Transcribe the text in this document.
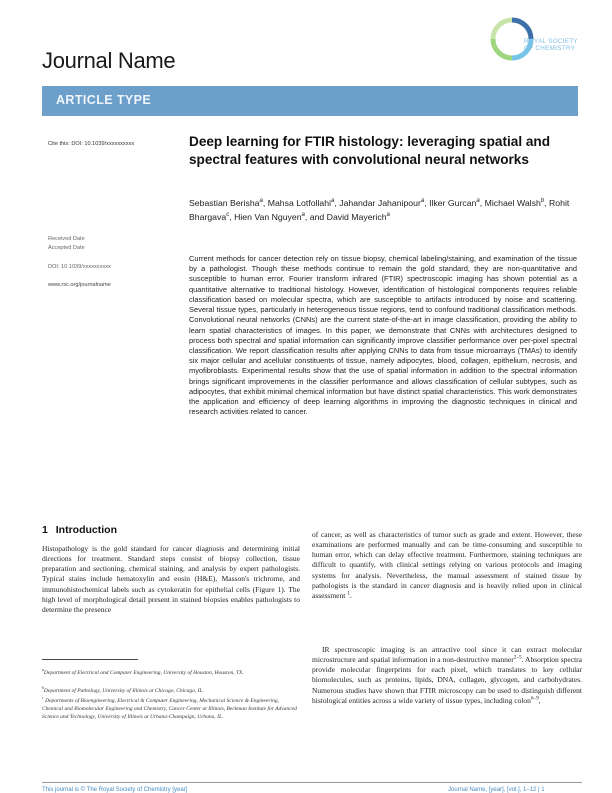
Journal Name
ROYAL SOCIETY
OF CHEMISTRY
ARTICLE TYPE
Cite this: DOI: 10.1039/xxxxxxxxxx
Received Date
Accepted Date
DOI: 10.1039/xxxxxxxxxx
www.rsc.org/journalname
Deep learning for FTIR histology: leveraging spatial and spectral features with convolutional neural networks
Sebastian Berisha$^a$, Mahsa Lotfollahi$^a$, Jahandar Jahanipour$^a$, Ilker Gurcan$^a$, Michael Walsh$^b$, Rohit Bhargava$^c$, Hien Van Nguyen$^a$, and David Mayerich$^a$
Current methods for cancer detection rely on tissue biopsy, chemical labeling/staining, and examination of the tissue by a pathologist. Though these methods continue to remain the gold standard, they are non-quantitative and susceptible to human error. Fourier transform infrared (FTIR) spectroscopic imaging has shown potential as a quantitative alternative to traditional histology. However, identification of histological components requires reliable classification based on molecular spectra, which are susceptible to artifacts introduced by noise and scattering. Several tissue types, particularly in heterogeneous tissue regions, tend to confound traditional classification methods. Convolutional neural networks (CNNs) are the current state-of-the-art in image classification, providing the ability to learn spatial characteristics of images. In this paper, we demonstrate that CNNs with architectures designed to process both spectral and spatial information can significantly improve classifier performance over per-pixel spectral classification. We report classification results after applying CNNs to data from tissue microarrays (TMAs) to identify six major cellular and acellular constituents of tissue, namely adipocytes, blood, collagen, epithelium, necrosis, and myofibroblasts. Experimental results show that the use of spatial information in addition to the spectral information brings significant improvements in the classifier performance and allows classification of cellular subtypes, such as adipocytes, that exhibit minimal chemical information but have distinct spatial characteristics. This work demonstrates the application and efficiency of deep learning algorithms in improving the diagnostic techniques in clinical and research activities related to cancer.
1 Introduction
Histopathology is the gold standard for cancer diagnosis and determining initial directions for treatment. Standard steps consist of biopsy collection, tissue preparation and sectioning, chemical staining, and analysis by expert pathologists. Typical stains include hematoxylin and eosin (H&E), Masson's trichrome, and immunohistochemical labels such as cytokeratin for epithelial cells (Figure 1). The high level of morphological detail present in stained biopsies enables pathologists to determine the presence
of cancer, as well as characteristics of tumor such as grade and extent. However, these examinations are performed manually and can be time-consuming and susceptible to human error, which can delay effective treatment. Furthermore, staining techniques are difficult to quantify, with clinical settings relying on various protocols and imaging systems for analysis. Nevertheless, the manual assessment of stained tissue by pathologists is the standard in cancer diagnosis and is heavily relied upon in clinical assessment $^1$.
IR spectroscopic imaging is an attractive tool since it can extract molecular microstructure and spatial information in a non-destructive manner$^{2-5}$. Absorption spectra provide molecular fingerprints for each pixel, which translates to key cellular biomolecules, such as proteins, lipids, DNA, collagen, glycogen, and carbohydrates. Numerous studies have shown that FTIR microscopy can be used to distinguish different histological entities across a wide variety of tissue types, including colon$^{6-9}$,
$^a$Department of Electrical and Computer Engineering, University of Houston, Houston, TX.
$^b$Department of Pathology, University of Illinois at Chicago, Chicago, IL.
$^c$ Departments of Bioengineering, Electrical & Computer Engineering, Mechanical Science & Engineering, Chemical and Biomolecular Engineering and Chemistry, Cancer Center at Illinois, Beckman Institute for Advanced Science and Technology, University of Illinois at Urbana-Champaign, Urbana, IL.
This journal is © The Royal Society of Chemistry [year]	Journal Name, [year], [vol.], 1–12 | 1
